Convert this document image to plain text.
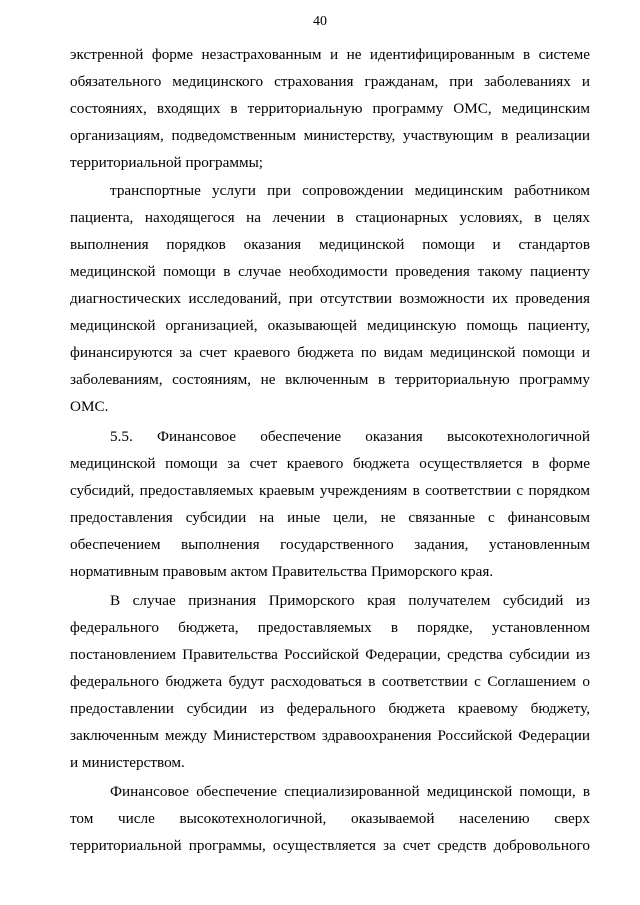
40
экстренной форме незастрахованным и не идентифицированным в системе
обязательного медицинского страхования гражданам, при заболеваниях и
состояниях, входящих в территориальную программу ОМС, медицинским
организациям, подведомственным министерству, участвующим в реализации
территориальной программы;
транспортные услуги при сопровождении медицинским работником
пациента, находящегося на лечении в стационарных условиях, в целях
выполнения порядков оказания медицинской помощи и стандартов
медицинской помощи в случае необходимости проведения такому пациенту
диагностических исследований, при отсутствии возможности их проведения
медицинской организацией, оказывающей медицинскую помощь пациенту,
финансируются за счет краевого бюджета по видам медицинской помощи и
заболеваниям, состояниям, не включенным в территориальную программу
ОМС.
5.5. Финансовое обеспечение оказания высокотехнологичной
медицинской помощи за счет краевого бюджета осуществляется в форме
субсидий, предоставляемых краевым учреждениям в соответствии с порядком
предоставления субсидии на иные цели, не связанные с финансовым
обеспечением выполнения государственного задания, установленным
нормативным правовым актом Правительства Приморского края.
В случае признания Приморского края получателем субсидий из
федерального бюджета, предоставляемых в порядке, установленном
постановлением Правительства Российской Федерации, средства субсидии из
федерального бюджета будут расходоваться в соответствии с Соглашением о
предоставлении субсидии из федерального бюджета краевому бюджету,
заключенным между Министерством здравоохранения Российской Федерации
и министерством.
Финансовое обеспечение специализированной медицинской помощи, в
том числе высокотехнологичной, оказываемой населению сверх
территориальной программы, осуществляется за счет средств добровольного
